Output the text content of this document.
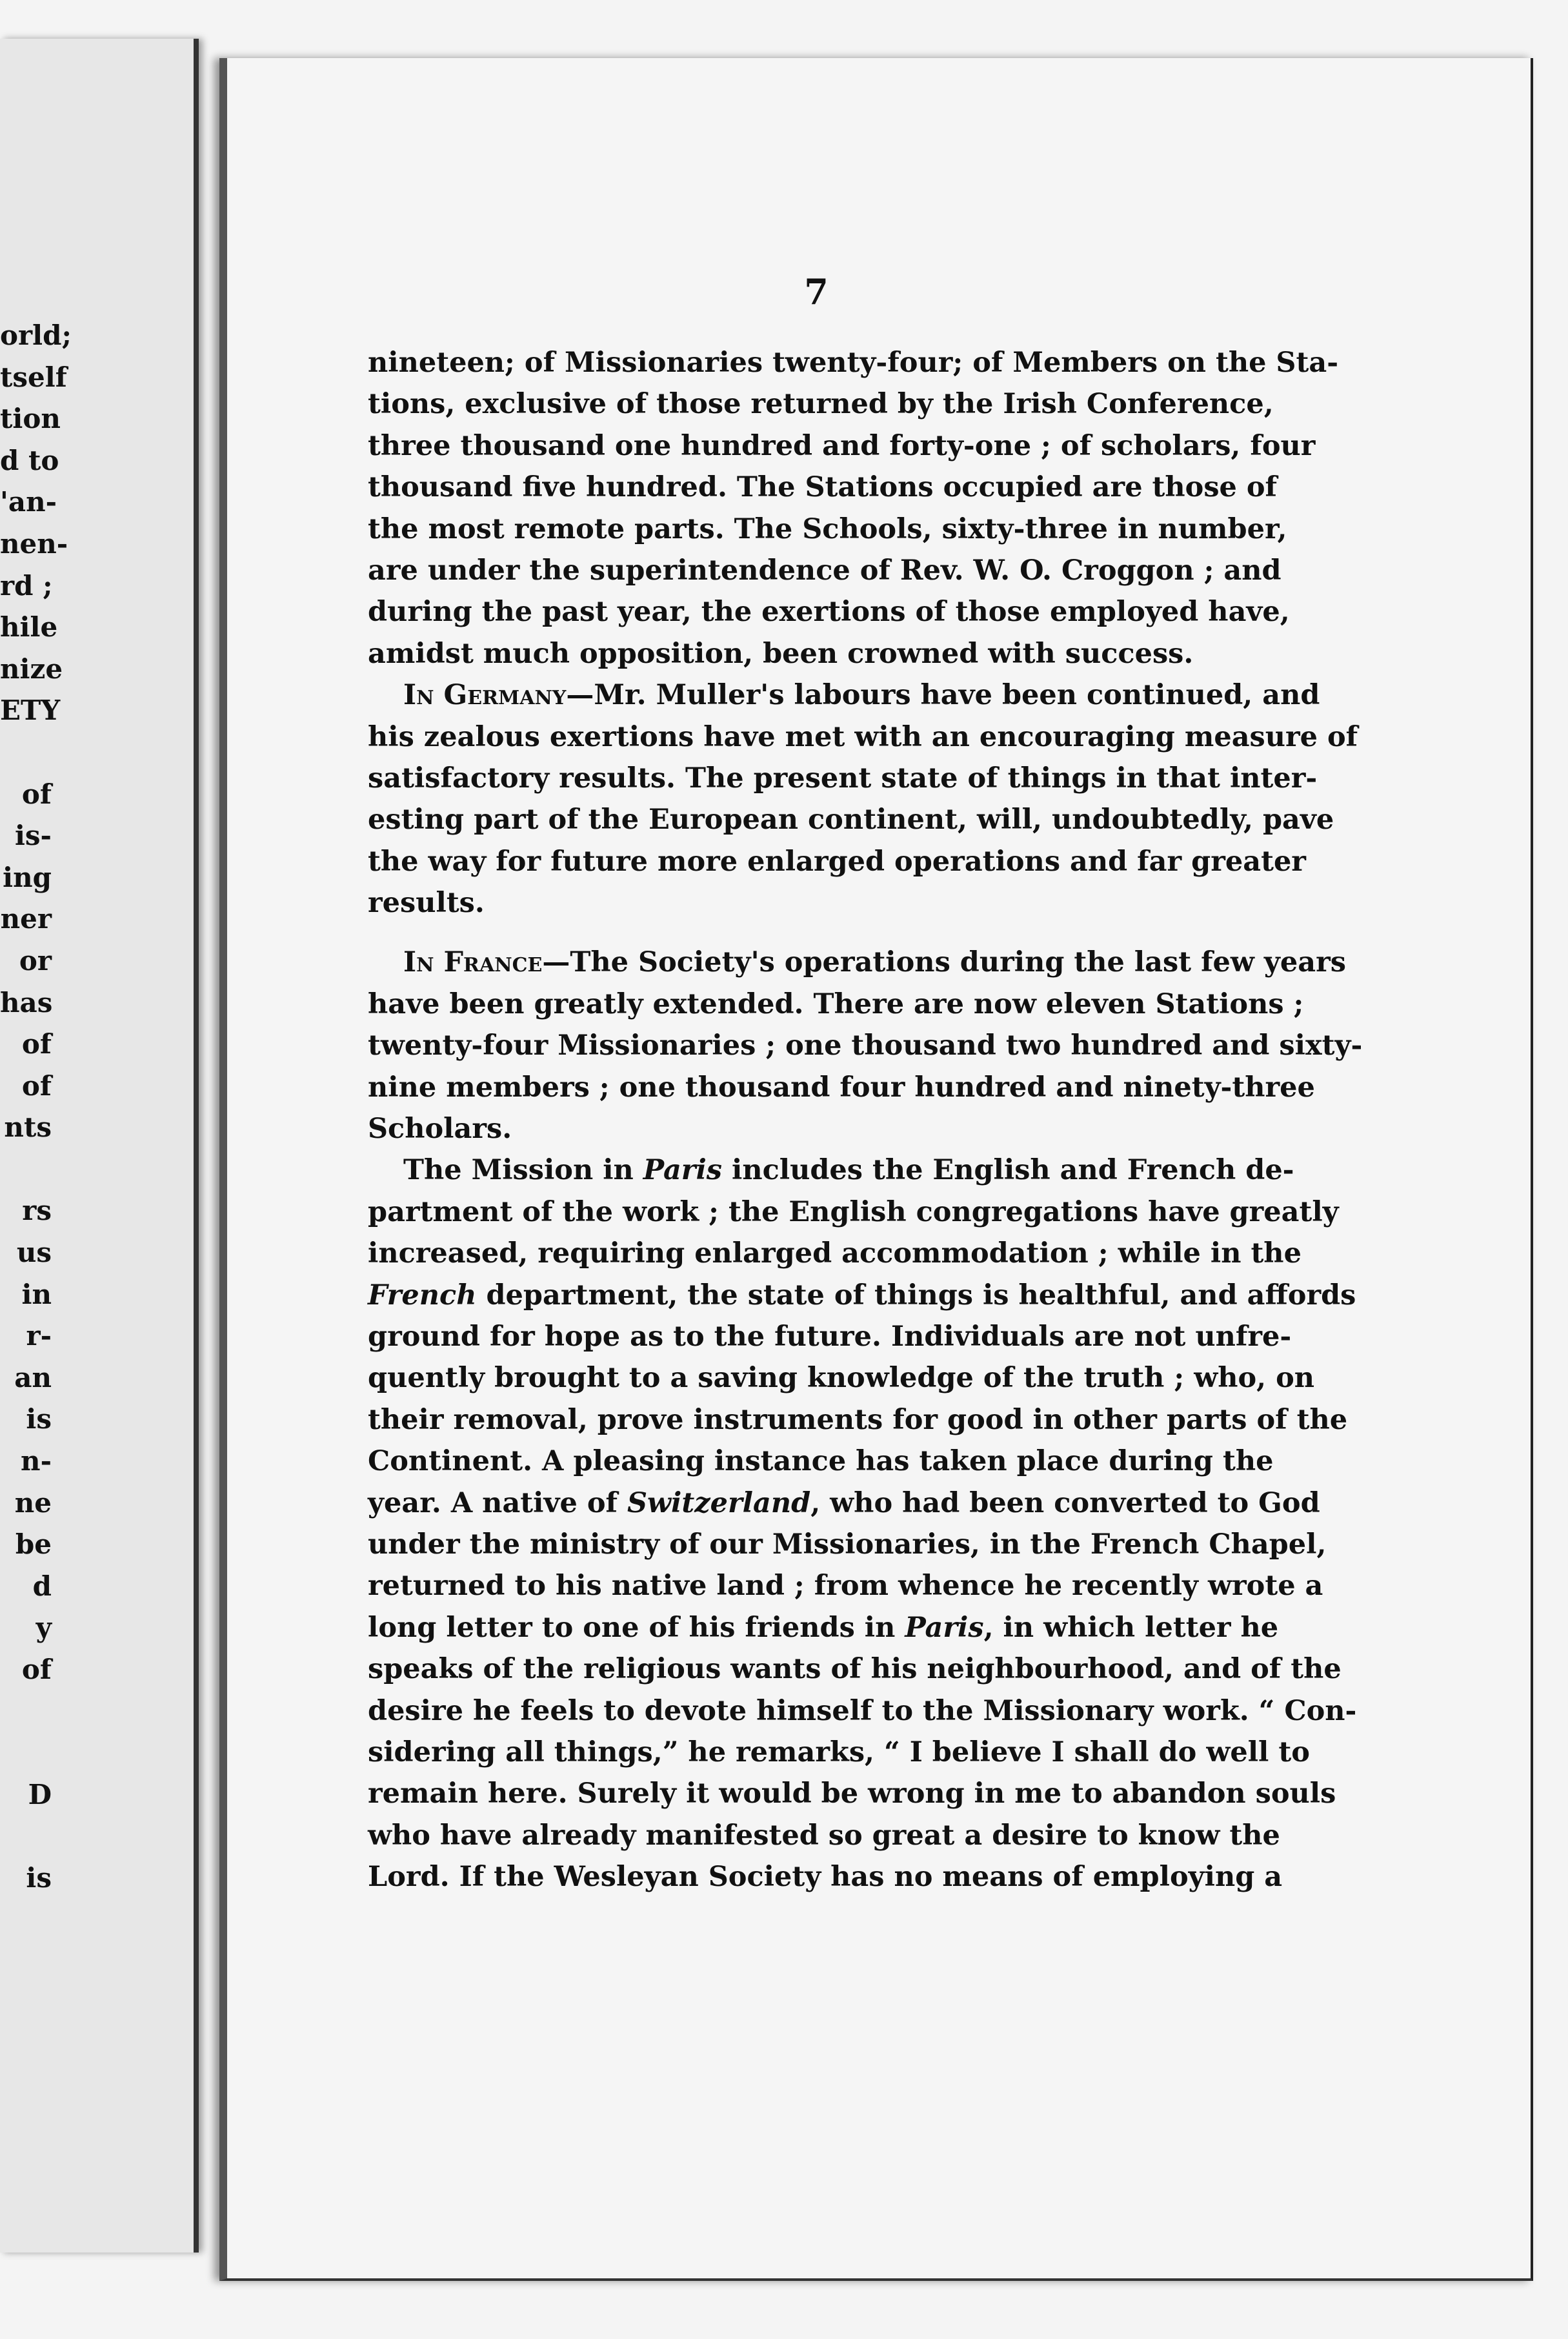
orld;
tself
tion
d to
'an-
nen-
rd ;
hile
nize
ETY
of
is-
ing
ner
or
has
of
of
nts
rs
us
in
r-
an
is
n-
ne
be
d
y
of
D
is
7
nineteen; of Missionaries twenty-four; of Members on the Sta-
tions, exclusive of those returned by the Irish Conference,
three thousand one hundred and forty-one ; of scholars, four
thousand five hundred. The Stations occupied are those of
the most remote parts. The Schools, sixty-three in number,
are under the superintendence of Rev. W. O. Croggon ; and
during the past year, the exertions of those employed have,
amidst much opposition, been crowned with success.
In Germany—Mr. Muller's labours have been continued, and
his zealous exertions have met with an encouraging measure of
satisfactory results. The present state of things in that inter-
esting part of the European continent, will, undoubtedly, pave
the way for future more enlarged operations and far greater
results.
In France—The Society's operations during the last few years
have been greatly extended. There are now eleven Stations ;
twenty-four Missionaries ; one thousand two hundred and sixty-
nine members ; one thousand four hundred and ninety-three
Scholars.
The Mission in Paris includes the English and French de-
partment of the work ; the English congregations have greatly
increased, requiring enlarged accommodation ; while in the
French department, the state of things is healthful, and affords
ground for hope as to the future. Individuals are not unfre-
quently brought to a saving knowledge of the truth ; who, on
their removal, prove instruments for good in other parts of the
Continent. A pleasing instance has taken place during the
year. A native of Switzerland, who had been converted to God
under the ministry of our Missionaries, in the French Chapel,
returned to his native land ; from whence he recently wrote a
long letter to one of his friends in Paris, in which letter he
speaks of the religious wants of his neighbourhood, and of the
desire he feels to devote himself to the Missionary work. “ Con-
sidering all things,” he remarks, “ I believe I shall do well to
remain here. Surely it would be wrong in me to abandon souls
who have already manifested so great a desire to know the
Lord. If the Wesleyan Society has no means of employing a
